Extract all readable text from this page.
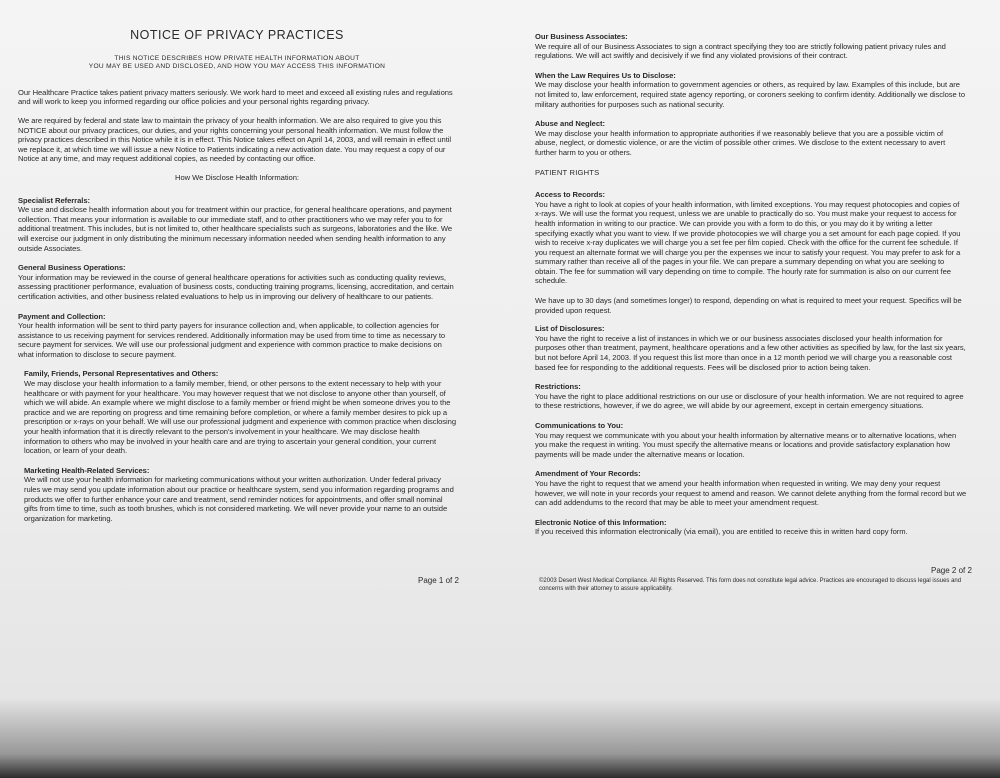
NOTICE OF PRIVACY PRACTICES
THIS NOTICE DESCRIBES HOW PRIVATE HEALTH INFORMATION ABOUT
YOU MAY BE USED AND DISCLOSED, AND HOW YOU MAY ACCESS THIS INFORMATION

Our Healthcare Practice takes patient privacy matters seriously. We work hard to meet and exceed all existing rules and regulations and will work to keep you informed regarding our office policies and your personal rights regarding privacy.

We are required by federal and state law to maintain the privacy of your health information. We are also required to give you this NOTICE about our privacy practices, our duties, and your rights concerning your personal health information. We must follow the privacy practices described in this Notice while it is in effect. This Notice takes effect on April 14, 2003, and will remain in effect until we replace it, at which time we will issue a new Notice to Patients indicating a new activation date. You may request a copy of our Notice at any time, and may request additional copies, as needed by contacting our office.

How We Disclose Health Information:
Specialist Referrals:
We use and disclose health information about you for treatment within our practice, for general healthcare operations, and payment collection. That means your information is available to our immediate staff, and to other practitioners who we may refer you to for additional treatment. This includes, but is not limited to, other healthcare specialists such as surgeons, laboratories and the like. We will exercise our judgment in only distributing the minimum necessary information needed when sending health information to any outside Associates.
General Business Operations:
Your information may be reviewed in the course of general healthcare operations for activities such as conducting quality reviews, assessing practitioner performance, evaluation of business costs, conducting training programs, licensing, accreditation, and certain certification activities, and other business related evaluations to help us in improving our delivery of healthcare to our patients.
Payment and Collection:
Your health information will be sent to third party payers for insurance collection and, when applicable, to collection agencies for assistance to us receiving payment for services rendered. Additionally information may be used from time to time as necessary to secure payment for services. We will use our professional judgment and experience with common practice to make decisions on what information to disclose to secure payment.
Family, Friends, Personal Representatives and Others:
We may disclose your health information to a family member, friend, or other persons to the extent necessary to help with your healthcare or with payment for your healthcare. You may however request that we not disclose to anyone other than yourself, of which we will abide. An example where we might disclose to a family member or friend might be when someone drives you to the practice and we are reporting on progress and time remaining before completion, or where a family member desires to pick up a prescription or x-rays on your behalf. We will use our professional judgment and experience with common practice when disclosing your health information that it is directly relevant to the person's involvement in your healthcare. We may disclose health information to others who may be involved in your health care and are trying to ascertain your general condition, your current location, or learn of your death.
Marketing Health-Related Services:
We will not use your health information for marketing communications without your written authorization. Under federal privacy rules we may send you update information about our practice or healthcare system, send you information regarding programs and products we offer to further enhance your care and treatment, send reminder notices for appointments, and offer small nominal gifts from time to time, such as tooth brushes, which is not considered marketing. We will never provide your name to an outside organization for marketing.
Page 1 of 2
Our Business Associates:
We require all of our Business Associates to sign a contract specifying they too are strictly following patient privacy rules and regulations. We will act swiftly and decisively if we find any violated provisions of their contract.
When the Law Requires Us to Disclose:
We may disclose your health information to government agencies or others, as required by law. Examples of this include, but are not limited to, law enforcement, required state agency reporting, or coroners seeking to confirm identity. Additionally we disclose to military authorities for purposes such as national security.
Abuse and Neglect:
We may disclose your health information to appropriate authorities if we reasonably believe that you are a possible victim of abuse, neglect, or domestic violence, or are the victim of possible other crimes. We disclose to the extent necessary to avert further harm to you or others.
PATIENT RIGHTS
Access to Records:
You have a right to look at copies of your health information, with limited exceptions. You may request photocopies and copies of x-rays. We will use the format you request, unless we are unable to practically do so. You must make your request to access for health information in writing to our practice. We can provide you with a form to do this, or you may do it by writing a letter specifying exactly what you want to view. If we provide photocopies we will charge you a set amount for each page copied. If you wish to receive x-ray duplicates we will charge you a set fee per film copied. Check with the office for the current fee schedule. If you request an alternate format we will charge you per the expenses we incur to satisfy your request. You may prefer to ask for a summary rather than receive all of the pages in your file. We can prepare a summary depending on what you are seeking to obtain. The fee for summation will vary depending on time to compile. The hourly rate for summation is also on our current fee schedule.

We have up to 30 days (and sometimes longer) to respond, depending on what is required to meet your request. Specifics will be provided upon request.

List of Disclosures:
You have the right to receive a list of instances in which we or our business associates disclosed your health information for purposes other than treatment, payment, healthcare operations and a few other activities as specified by law, for the last six years, but not before April 14, 2003. If you request this list more than once in a 12 month period we will charge you a reasonable cost based fee for responding to the additional requests. Fees will be disclosed prior to action being taken.
Restrictions:
You have the right to place additional restrictions on our use or disclosure of your health information. We are not required to agree to these restrictions, however, if we do agree, we will abide by our agreement, except in certain emergency situations.
Communications to You:
You may request we communicate with you about your health information by alternative means or to alternative locations, when you make the request in writing. You must specify the alternative means or locations and provide satisfactory explanation how payments will be made under the alternative means or location.
Amendment of Your Records:
You have the right to request that we amend your health information when requested in writing. We may deny your request however, we will note in your records your request to amend and reason. We cannot delete anything from the formal record but we can add addendums to the record that may be able to meet your amendment request.
Electronic Notice of this Information:
If you received this information electronically (via email), you are entitled to receive this in written hard copy form.
Page 2 of 2
©2003 Desert West Medical Compliance. All Rights Reserved. This form does not constitute legal advice. Practices are encouraged to discuss legal issues and concerns with their attorney to assure applicability.
